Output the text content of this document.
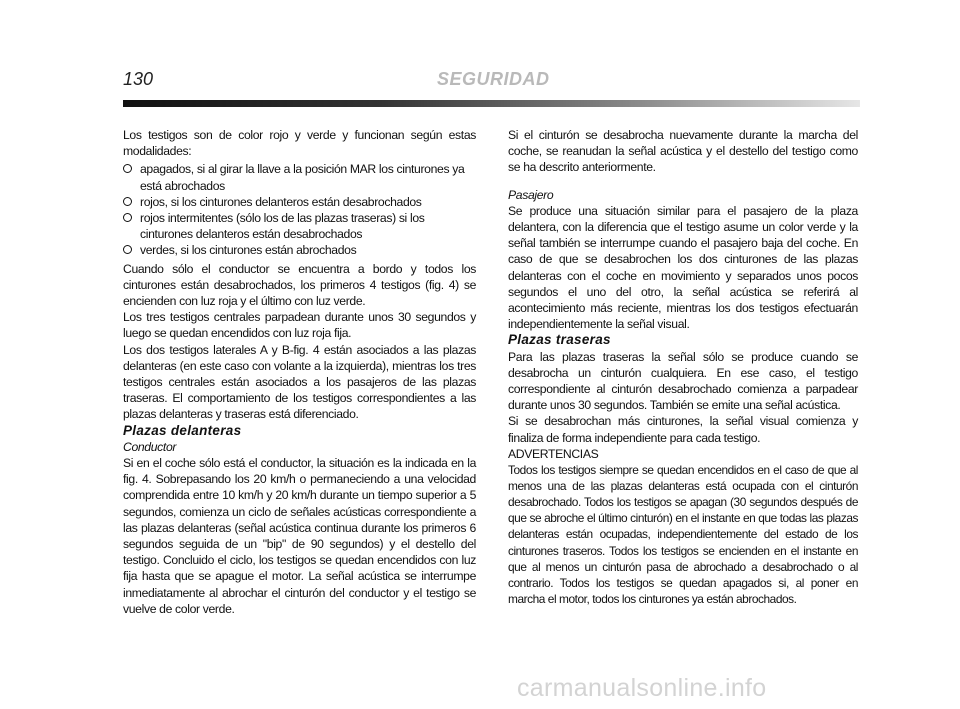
130	SEGURIDAD

Los testigos son de color rojo y verde y funcionan según estas modalidades:

apagados, si al girar la llave a la posición MAR los cinturones ya está abrochados
rojos, si los cinturones delanteros están desabrochados
rojos intermitentes (sólo los de las plazas traseras) si los cinturones delanteros están desabrochados
verdes, si los cinturones están abrochados

Cuando sólo el conductor se encuentra a bordo y todos los cinturones están desabrochados, los primeros 4 testigos (fig. 4) se encienden con luz roja y el último con luz verde.

Los tres testigos centrales parpadean durante unos 30 segundos y luego se quedan encendidos con luz roja fija.

Los dos testigos laterales A y B-fig. 4 están asociados a las plazas delanteras (en este caso con volante a la izquierda), mientras los tres testigos centrales están asociados a los pasajeros de las plazas traseras. El comportamiento de los testigos correspondientes a las plazas delanteras y traseras está diferenciado.

Plazas delanteras

Conductor

Si en el coche sólo está el conductor, la situación es la indicada en la fig. 4. Sobrepasando los 20 km/h o permaneciendo a una velocidad comprendida entre 10 km/h y 20 km/h durante un tiempo superior a 5 segundos, comienza un ciclo de señales acústicas correspondiente a las plazas delanteras (señal acústica continua durante los primeros 6 segundos seguida de un "bip" de 90 segundos) y el destello del testigo. Concluido el ciclo, los testigos se quedan encendidos con luz fija hasta que se apague el motor. La señal acústica se interrumpe inmediatamente al abrochar el cinturón del conductor y el testigo se vuelve de color verde.

Si el cinturón se desabrocha nuevamente durante la marcha del coche, se reanudan la señal acústica y el destello del testigo como se ha descrito anteriormente.

Pasajero

Se produce una situación similar para el pasajero de la plaza delantera, con la diferencia que el testigo asume un color verde y la señal también se interrumpe cuando el pasajero baja del coche. En caso de que se desabrochen los dos cinturones de las plazas delanteras con el coche en movimiento y separados unos pocos segundos el uno del otro, la señal acústica se referirá al acontecimiento más reciente, mientras los dos testigos efectuarán independientemente la señal visual.

Plazas traseras

Para las plazas traseras la señal sólo se produce cuando se desabrocha un cinturón cualquiera. En ese caso, el testigo correspondiente al cinturón desabrochado comienza a parpadear durante unos 30 segundos. También se emite una señal acústica.

Si se desabrochan más cinturones, la señal visual comienza y finaliza de forma independiente para cada testigo.

ADVERTENCIAS

Todos los testigos siempre se quedan encendidos en el caso de que al menos una de las plazas delanteras está ocupada con el cinturón desabrochado. Todos los testigos se apagan (30 segundos después de que se abroche el último cinturón) en el instante en que todas las plazas delanteras están ocupadas, independientemente del estado de los cinturones traseros. Todos los testigos se encienden en el instante en que al menos un cinturón pasa de abrochado a desabrochado o al contrario. Todos los testigos se quedan apagados si, al poner en marcha el motor, todos los cinturones ya están abrochados.

carmanualsonline.info
